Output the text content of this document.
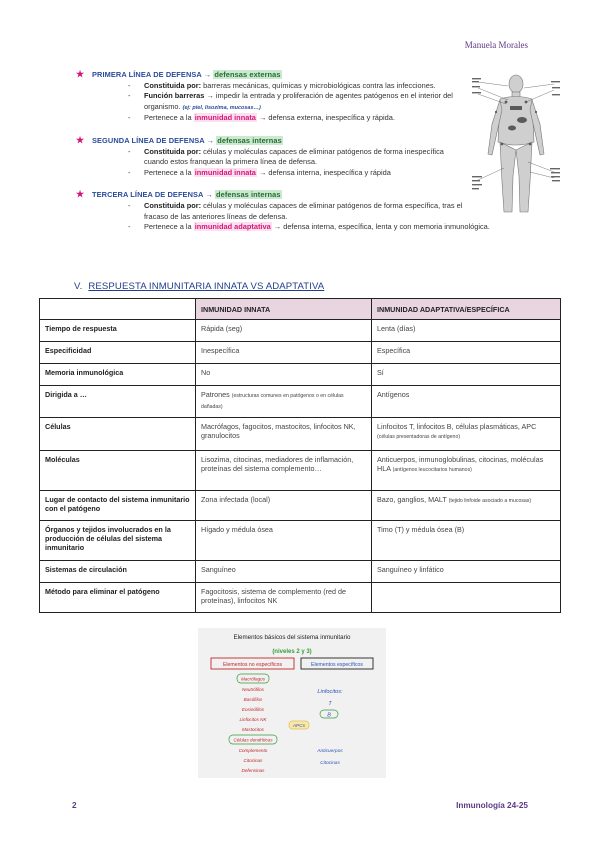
Manuela Morales
★ PRIMERA LÍNEA DE DEFENSA → defensas externas
- Constituida por: barreras mecánicas, químicas y microbiológicas contra las infecciones.
- Función barreras → impedir la entrada y proliferación de agentes patógenos en el interior del organismo. (ej: piel, lisozima, mucosas…)
- Pertenece a la inmunidad innata → defensa externa, inespecífica y rápida.
★ SEGUNDA LÍNEA DE DEFENSA → defensas internas
- Constituida por: células y moléculas capaces de eliminar patógenos de forma inespecífica cuando estos franquean la primera línea de defensa.
- Pertenece a la inmunidad innata → defensa interna, inespecífica y rápida
★ TERCERA LÍNEA DE DEFENSA → defensas internas
- Constituida por: células y moléculas capaces de eliminar patógenos de forma específica, tras el fracaso de las anteriores líneas de defensa.
- Pertenece a la inmunidad adaptativa → defensa interna, específica, lenta y con memoria inmunológica.
V. RESPUESTA INMUNITARIA INNATA VS ADAPTATIVA
	INMUNIDAD INNATA	INMUNIDAD ADAPTATIVA/ESPECÍFICA
Tiempo de respuesta	Rápida (seg)	Lenta (días)
Especificidad	Inespecífica	Específica
Memoria inmunológica	No	Sí
Dirigida a …	Patrones (estructuras comunes en patógenos o en células dañadas)	Antígenos
Células	Macrófagos, fagocitos, mastocitos, linfocitos NK, granulocitos	Linfocitos T, linfocitos B, células plasmáticas, APC (células presentadoras de antígeno)
Moléculas	Lisozima, citocinas, mediadores de inflamación, proteínas del sistema complemento…	Anticuerpos, inmunoglobulinas, citocinas, moléculas HLA (antígenos leucocitarios humanos)
Lugar de contacto del sistema inmunitario con el patógeno	Zona infectada (local)	Bazo, ganglios, MALT (tejido linfoide asociado a mucosas)
Órganos y tejidos involucrados en la producción de células del sistema inmunitario	Hígado y médula ósea	Timo (T) y médula ósea (B)
Sistemas de circulación	Sanguíneo	Sanguíneo y linfático
Método para eliminar el patógeno	Fagocitosis, sistema de complemento (red de proteínas), linfocitos NK	
Elementos básicos del sistema inmunitario
(niveles 2 y 3)
Elementos no específicos	Elementos específicos
Macrófagos
Neutrófilos
Basófilos
Eosinófilos
Linfocitos NK
Mastocitos
Células dendríticas
Complemento
Citocinas
Defensinas
Linfocitos:
T
B
APCs
Anticuerpos
Citocinas
2	Inmunología 24-25
